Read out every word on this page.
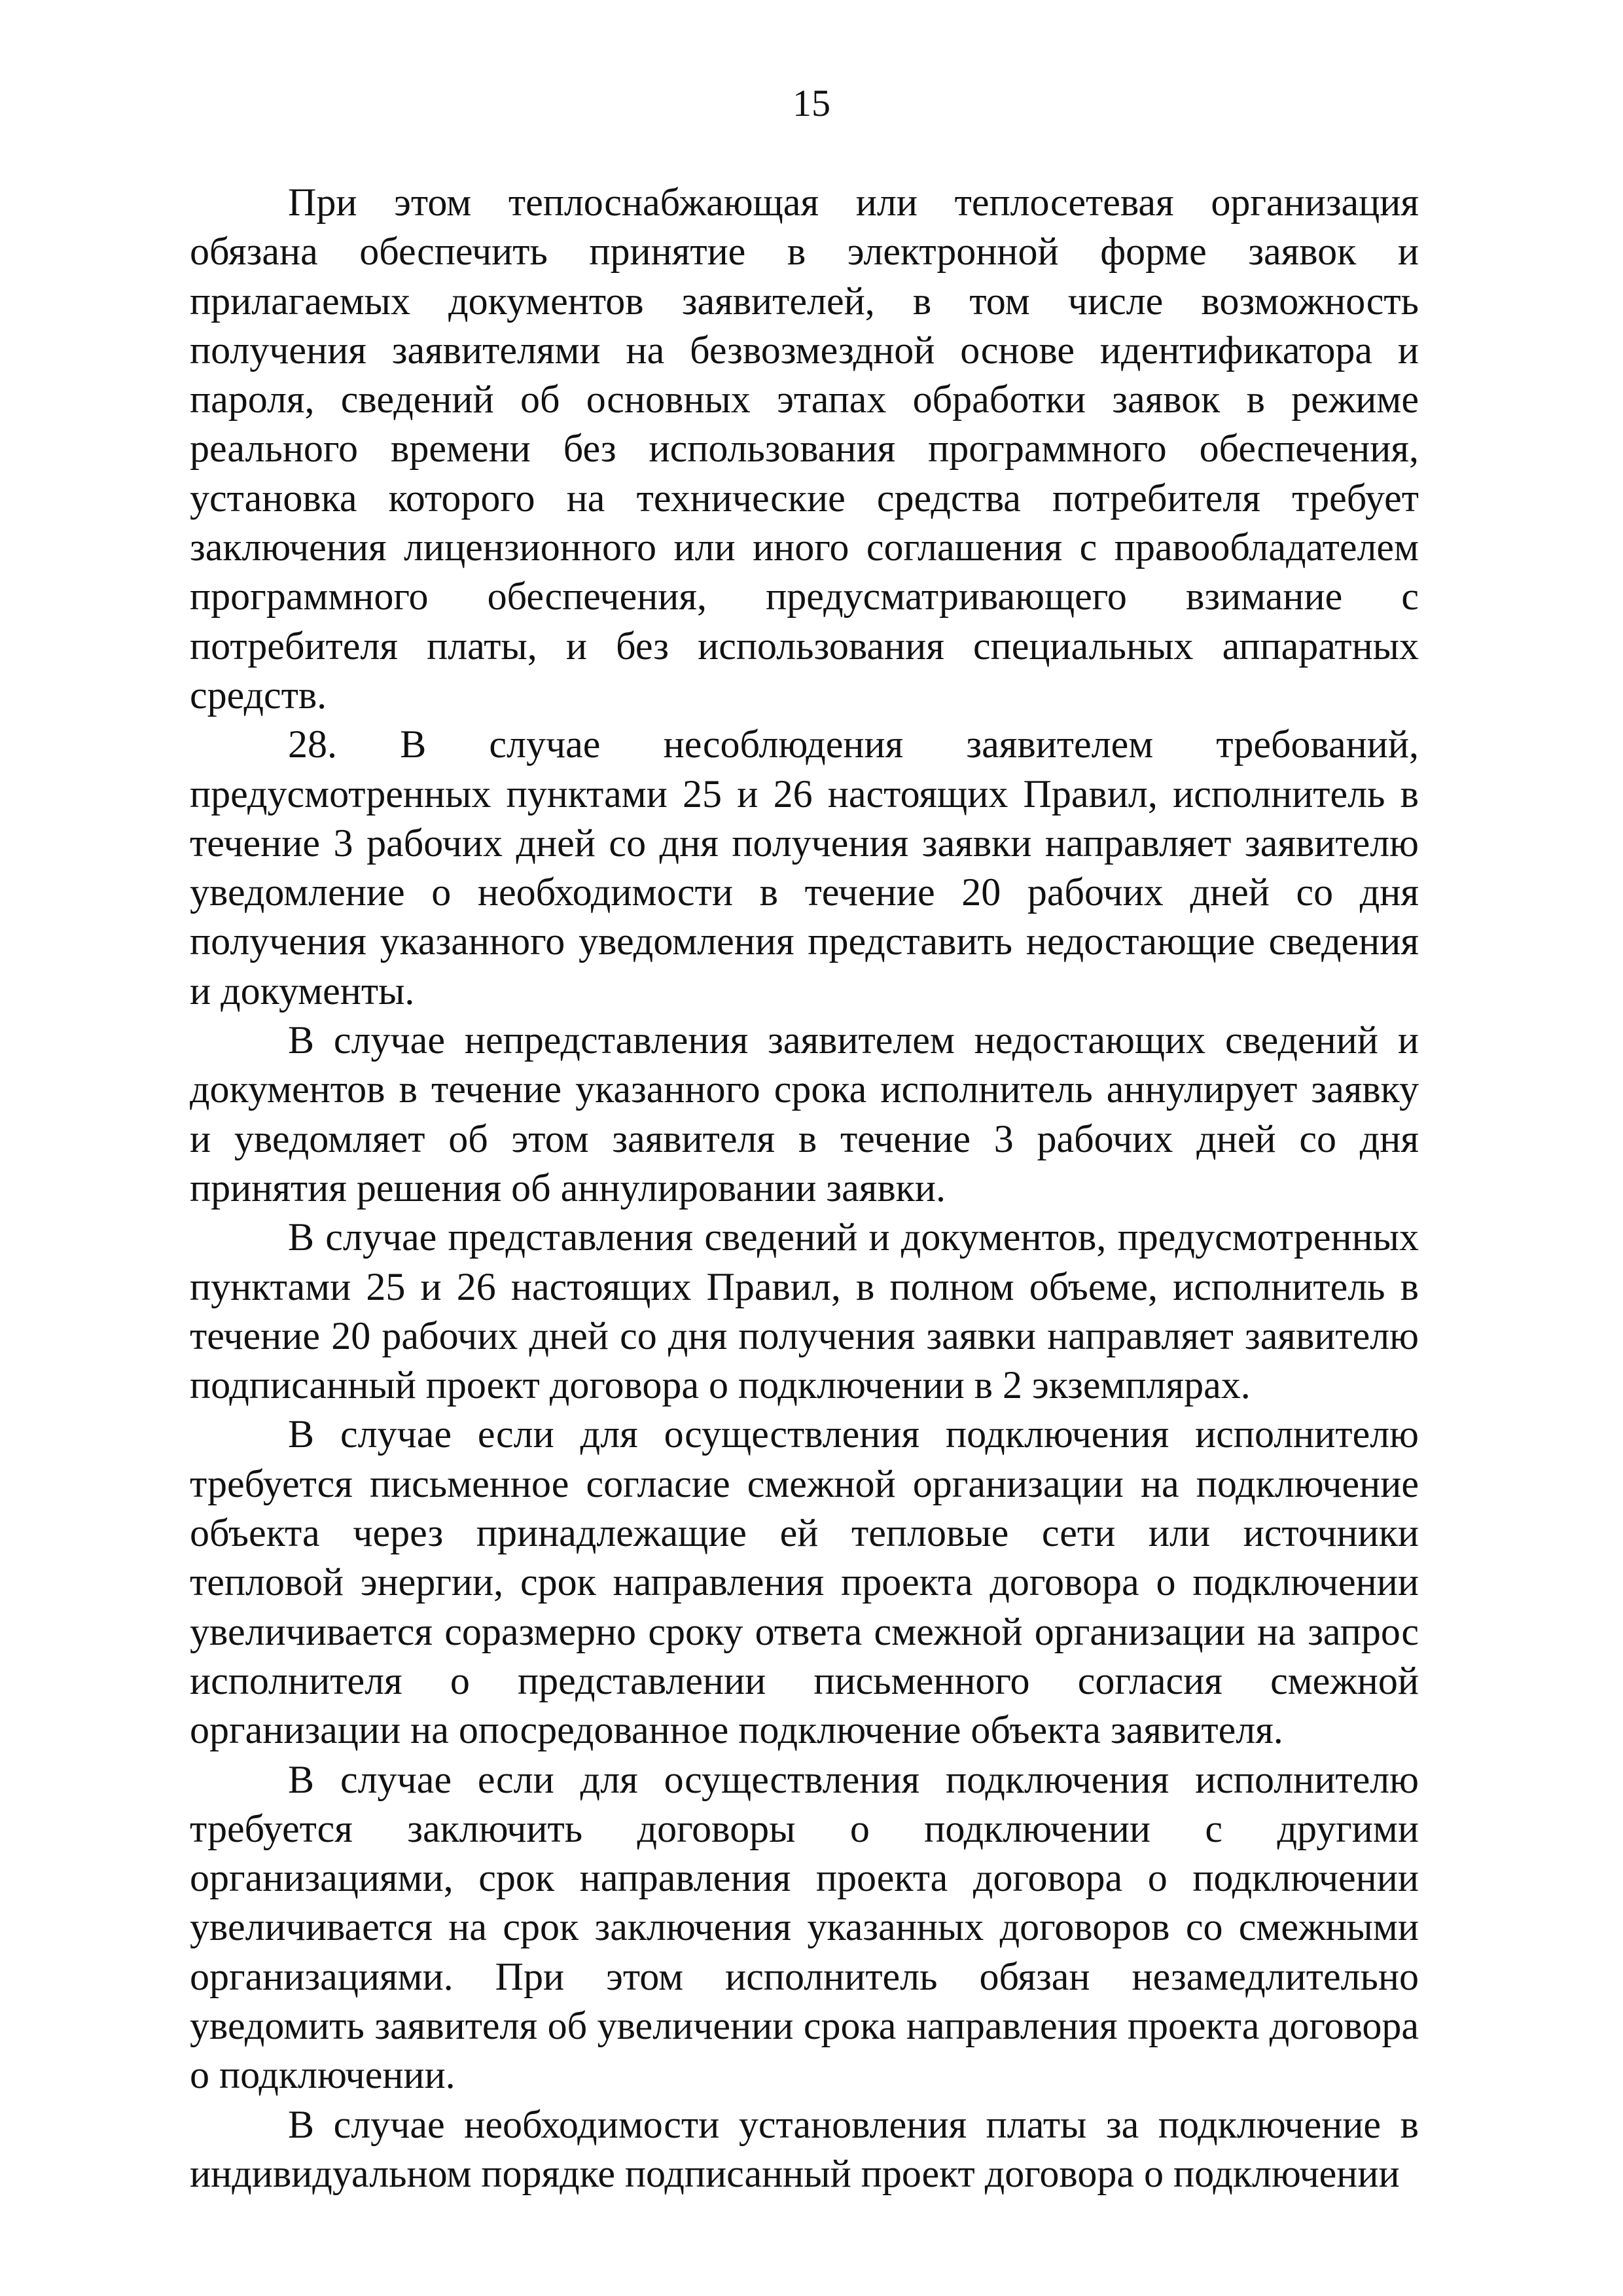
15

При этом теплоснабжающая или теплосетевая организация обязана обеспечить принятие в электронной форме заявок и прилагаемых документов заявителей, в том числе возможность получения заявителями на безвозмездной основе идентификатора и пароля, сведений об основных этапах обработки заявок в режиме реального времени без использования программного обеспечения, установка которого на технические средства потребителя требует заключения лицензионного или иного соглашения с правообладателем программного обеспечения, предусматривающего взимание с потребителя платы, и без использования специальных аппаратных средств.

28. В случае несоблюдения заявителем требований, предусмотренных пунктами 25 и 26 настоящих Правил, исполнитель в течение 3 рабочих дней со дня получения заявки направляет заявителю уведомление о необходимости в течение 20 рабочих дней со дня получения указанного уведомления представить недостающие сведения и документы.

В случае непредставления заявителем недостающих сведений и документов в течение указанного срока исполнитель аннулирует заявку и уведомляет об этом заявителя в течение 3 рабочих дней со дня принятия решения об аннулировании заявки.

В случае представления сведений и документов, предусмотренных пунктами 25 и 26 настоящих Правил, в полном объеме, исполнитель в течение 20 рабочих дней со дня получения заявки направляет заявителю подписанный проект договора о подключении в 2 экземплярах.

В случае если для осуществления подключения исполнителю требуется письменное согласие смежной организации на подключение объекта через принадлежащие ей тепловые сети или источники тепловой энергии, срок направления проекта договора о подключении увеличивается соразмерно сроку ответа смежной организации на запрос исполнителя о представлении письменного согласия смежной организации на опосредованное подключение объекта заявителя.

В случае если для осуществления подключения исполнителю требуется заключить договоры о подключении с другими организациями, срок направления проекта договора о подключении увеличивается на срок заключения указанных договоров со смежными организациями. При этом исполнитель обязан незамедлительно уведомить заявителя об увеличении срока направления проекта договора о подключении.

В случае необходимости установления платы за подключение в индивидуальном порядке подписанный проект договора о подключении
